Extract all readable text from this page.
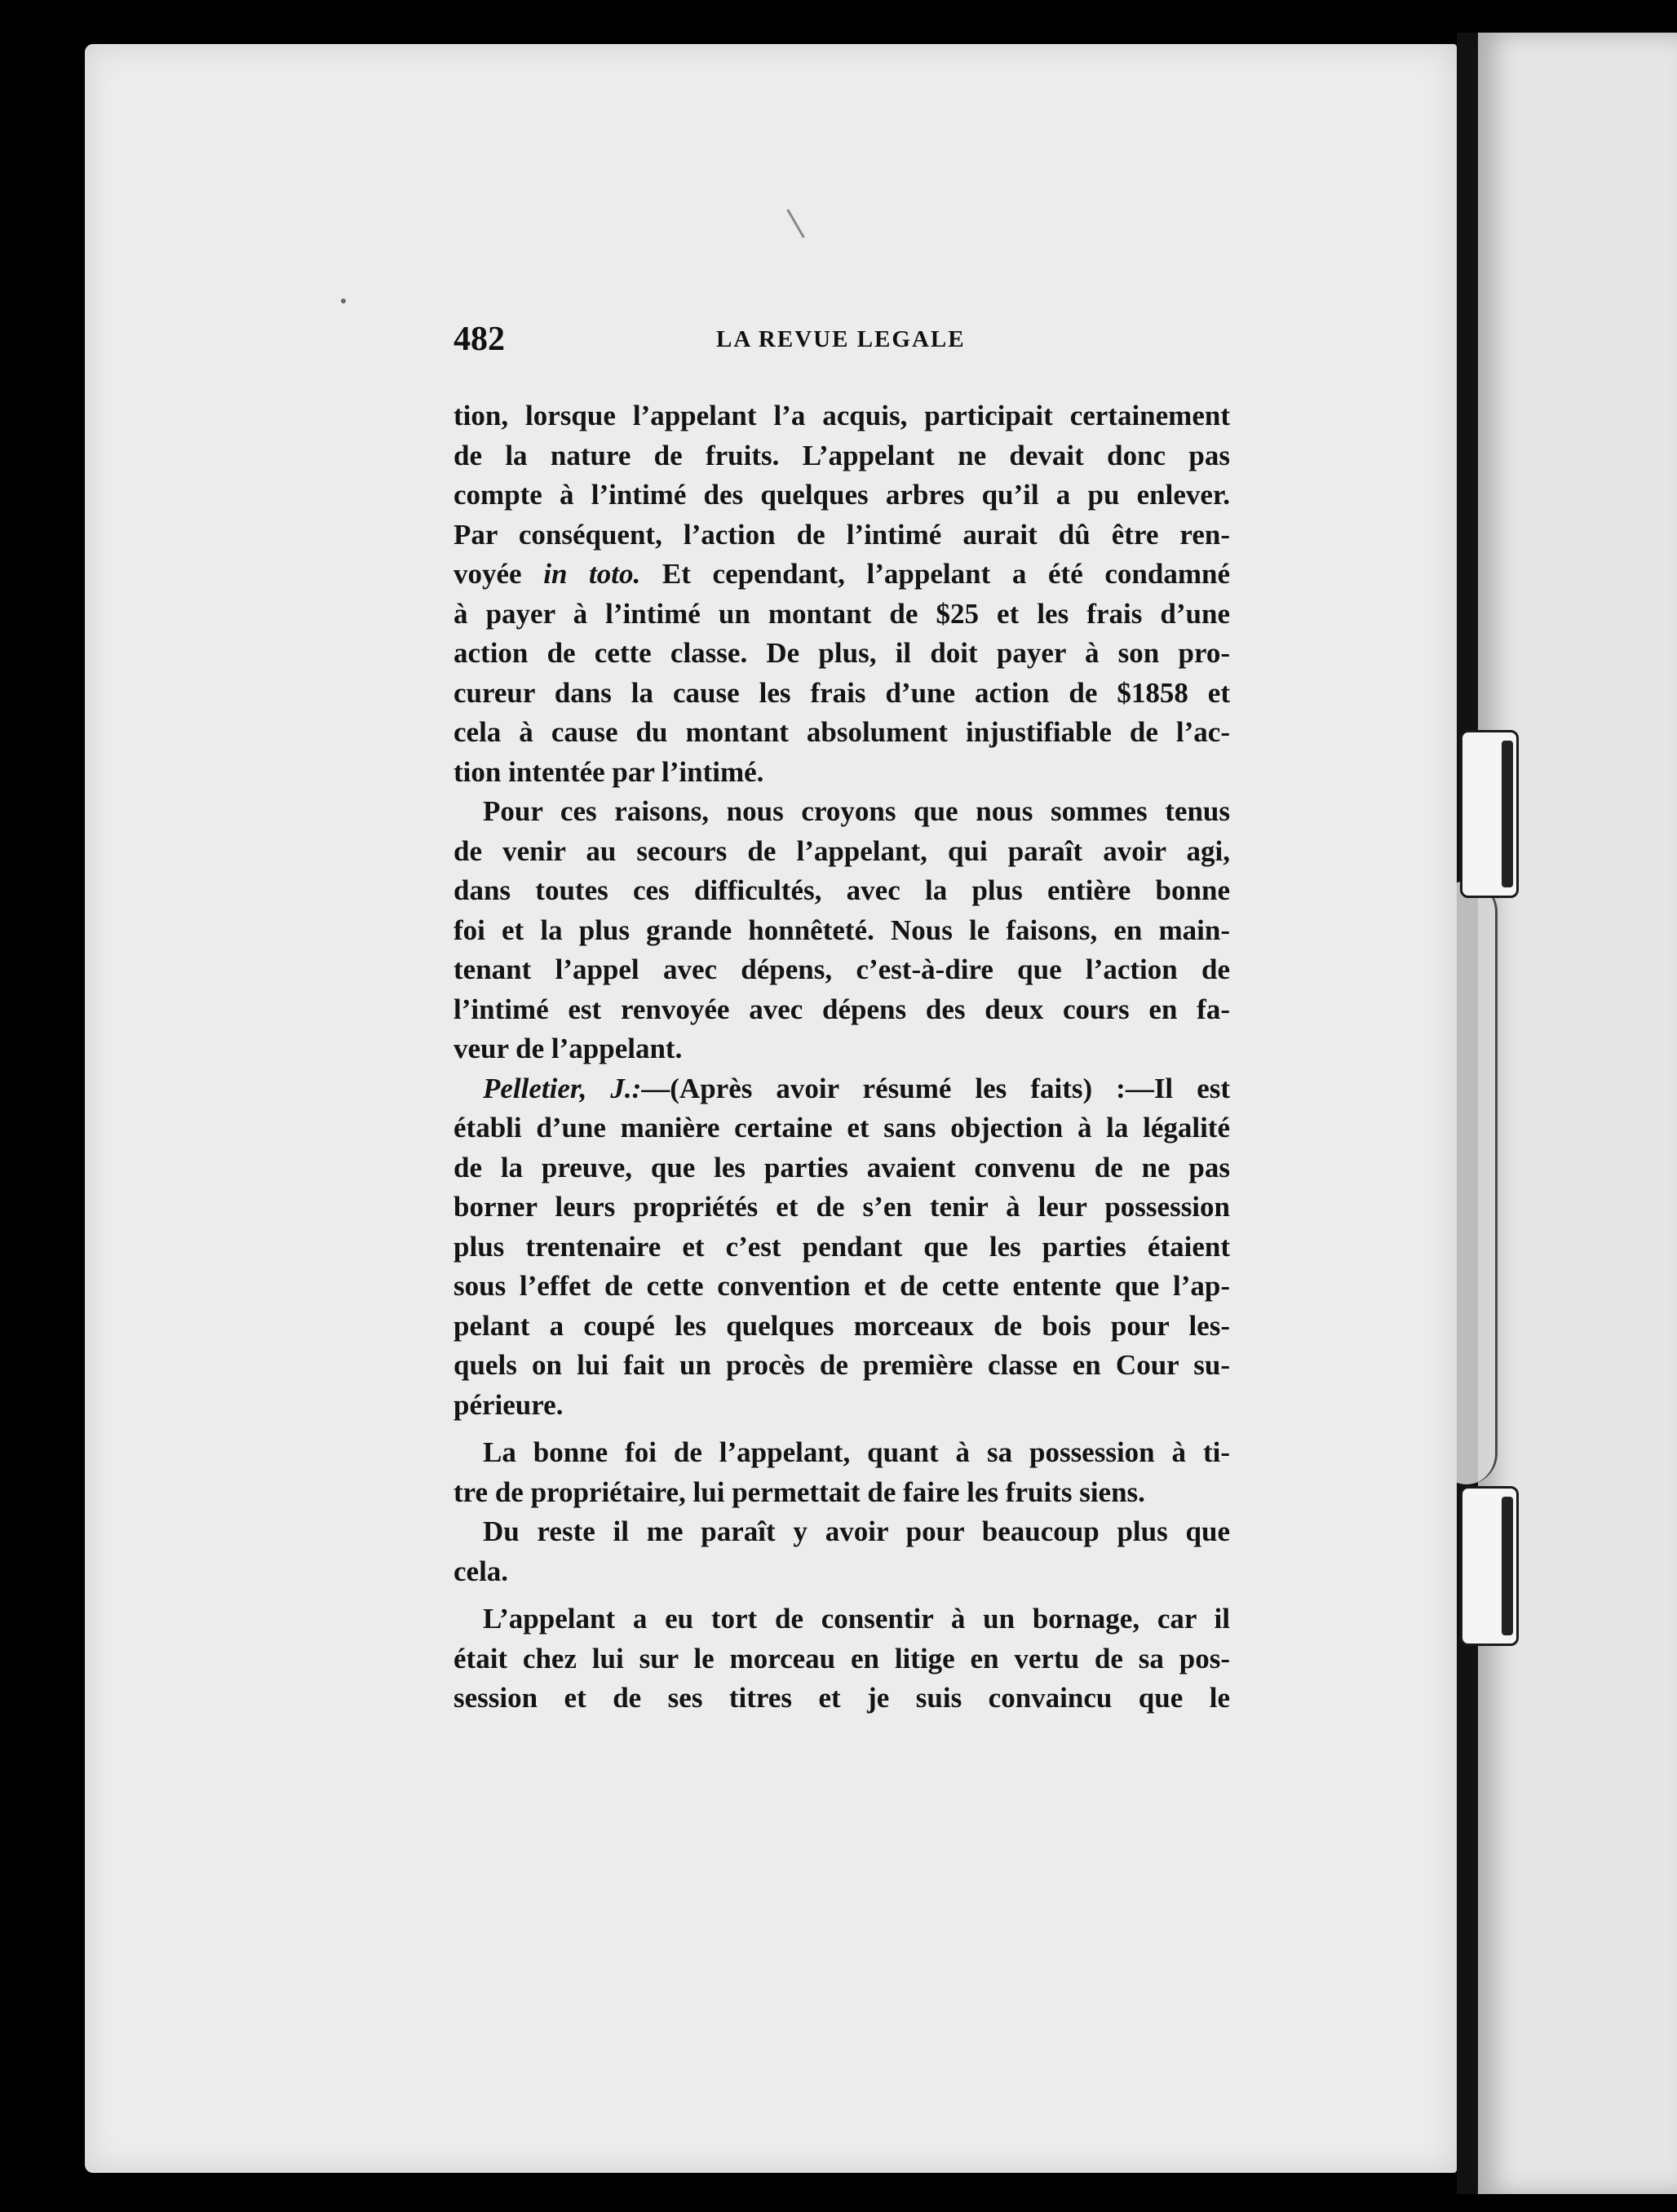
482	LA REVUE LEGALE

tion, lorsque l’appelant l’a acquis, participait certainement

de la nature de fruits. L’appelant ne devait donc pas

compte à l’intimé des quelques arbres qu’il a pu enlever.

Par conséquent, l’action de l’intimé aurait dû être ren-

voyée in toto. Et cependant, l’appelant a été condamné

à payer à l’intimé un montant de $25 et les frais d’une

action de cette classe. De plus, il doit payer à son pro-

cureur dans la cause les frais d’une action de $1858 et

cela à cause du montant absolument injustifiable de l’ac-

tion intentée par l’intimé.

Pour ces raisons, nous croyons que nous sommes tenus

de venir au secours de l’appelant, qui paraît avoir agi,

dans toutes ces difficultés, avec la plus entière bonne

foi et la plus grande honnêteté. Nous le faisons, en main-

tenant l’appel avec dépens, c’est-à-dire que l’action de

l’intimé est renvoyée avec dépens des deux cours en fa-

veur de l’appelant.

Pelletier, J.:—(Après avoir résumé les faits) :—Il est

établi d’une manière certaine et sans objection à la légalité

de la preuve, que les parties avaient convenu de ne pas

borner leurs propriétés et de s’en tenir à leur possession

plus trentenaire et c’est pendant que les parties étaient

sous l’effet de cette convention et de cette entente que l’ap-

pelant a coupé les quelques morceaux de bois pour les-

quels on lui fait un procès de première classe en Cour su-

périeure.

La bonne foi de l’appelant, quant à sa possession à ti-

tre de propriétaire, lui permettait de faire les fruits siens.

Du reste il me paraît y avoir pour beaucoup plus que

cela.

L’appelant a eu tort de consentir à un bornage, car il

était chez lui sur le morceau en litige en vertu de sa pos-

session et de ses titres et je suis convaincu que le
